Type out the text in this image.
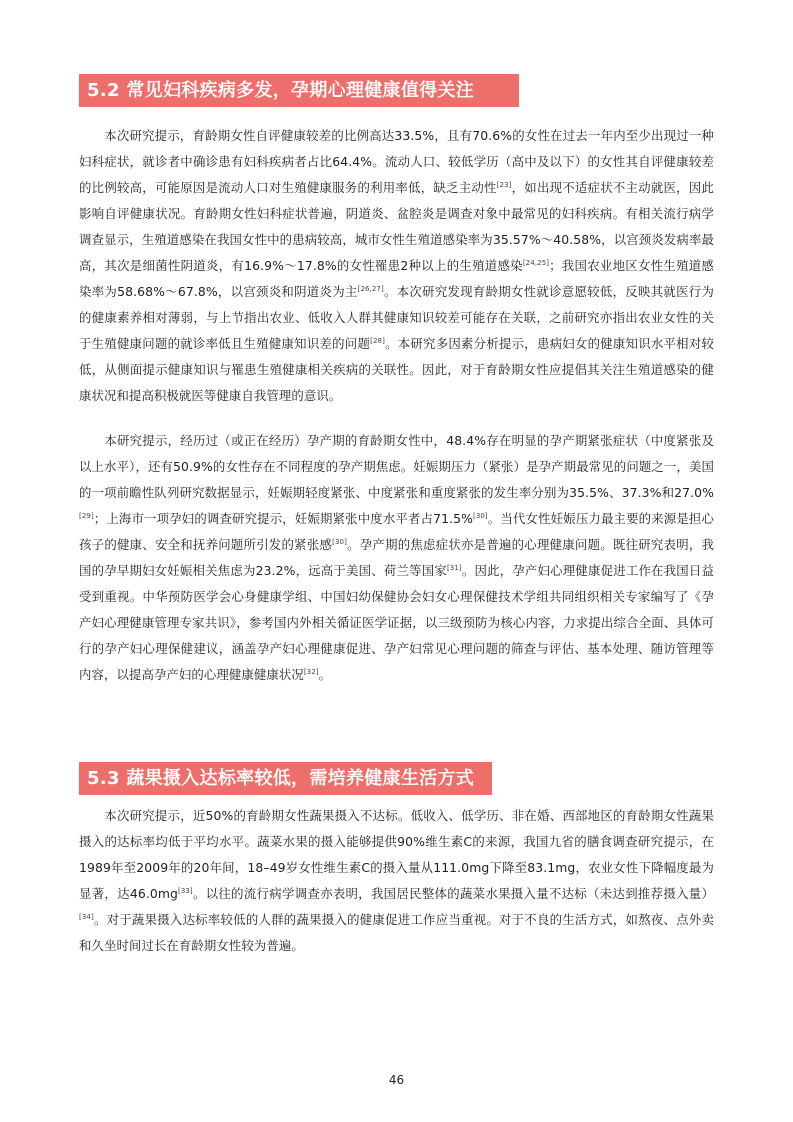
5.2 常见妇科疾病多发，孕期心理健康值得关注

　　本次研究提示，育龄期女性自评健康较差的比例高达33.5%，且有70.6%的女性在过去一年内至少出现过一种妇科症状，就诊者中确诊患有妇科疾病者占比64.4%。流动人口、较低学历（高中及以下）的女性其自评健康较差的比例较高，可能原因是流动人口对生殖健康服务的利用率低，缺乏主动性[23]，如出现不适症状不主动就医，因此影响自评健康状况。育龄期女性妇科症状普遍，阴道炎、盆腔炎是调查对象中最常见的妇科疾病。有相关流行病学调查显示，生殖道感染在我国女性中的患病较高，城市女性生殖道感染率为35.57%～40.58%，以宫颈炎发病率最高，其次是细菌性阴道炎，有16.9%～17.8%的女性罹患2种以上的生殖道感染[24,25]；我国农业地区女性生殖道感染率为58.68%～67.8%，以宫颈炎和阴道炎为主[26,27]。本次研究发现育龄期女性就诊意愿较低，反映其就医行为的健康素养相对薄弱，与上节指出农业、低收入人群其健康知识较差可能存在关联，之前研究亦指出农业女性的关于生殖健康问题的就诊率低且生殖健康知识差的问题[28]。本研究多因素分析提示，患病妇女的健康知识水平相对较低，从侧面提示健康知识与罹患生殖健康相关疾病的关联性。因此，对于育龄期女性应提倡其关注生殖道感染的健康状况和提高积极就医等健康自我管理的意识。

　　本研究提示，经历过（或正在经历）孕产期的育龄期女性中，48.4%存在明显的孕产期紧张症状（中度紧张及以上水平），还有50.9%的女性存在不同程度的孕产期焦虑。妊娠期压力（紧张）是孕产期最常见的问题之一，美国的一项前瞻性队列研究数据显示，妊娠期轻度紧张、中度紧张和重度紧张的发生率分别为35.5%、37.3%和27.0%[29]；上海市一项孕妇的调查研究提示，妊娠期紧张中度水平者占71.5%[30]。当代女性妊娠压力最主要的来源是担心孩子的健康、安全和抚养问题所引发的紧张感[30]。孕产期的焦虑症状亦是普遍的心理健康问题。既往研究表明，我国的孕早期妇女妊娠相关焦虑为23.2%，远高于美国、荷兰等国家[31]。因此，孕产妇心理健康促进工作在我国日益受到重视。中华预防医学会心身健康学组、中国妇幼保健协会妇女心理保健技术学组共同组织相关专家编写了《孕产妇心理健康管理专家共识》，参考国内外相关循证医学证据，以三级预防为核心内容，力求提出综合全面、具体可行的孕产妇心理保健建议，涵盖孕产妇心理健康促进、孕产妇常见心理问题的筛查与评估、基本处理、随访管理等内容，以提高孕产妇的心理健康健康状况[32]。

5.3 蔬果摄入达标率较低，需培养健康生活方式

　　本次研究提示，近50%的育龄期女性蔬果摄入不达标。低收入、低学历、非在婚、西部地区的育龄期女性蔬果摄入的达标率均低于平均水平。蔬菜水果的摄入能够提供90%维生素C的来源，我国九省的膳食调查研究提示，在1989年至2009年的20年间，18–49岁女性维生素C的摄入量从111.0mg下降至83.1mg，农业女性下降幅度最为显著，达46.0mg[33]。以往的流行病学调查亦表明，我国居民整体的蔬菜水果摄入量不达标（未达到推荐摄入量）[34]。对于蔬果摄入达标率较低的人群的蔬果摄入的健康促进工作应当重视。对于不良的生活方式，如熬夜、点外卖和久坐时间过长在育龄期女性较为普遍。

46
